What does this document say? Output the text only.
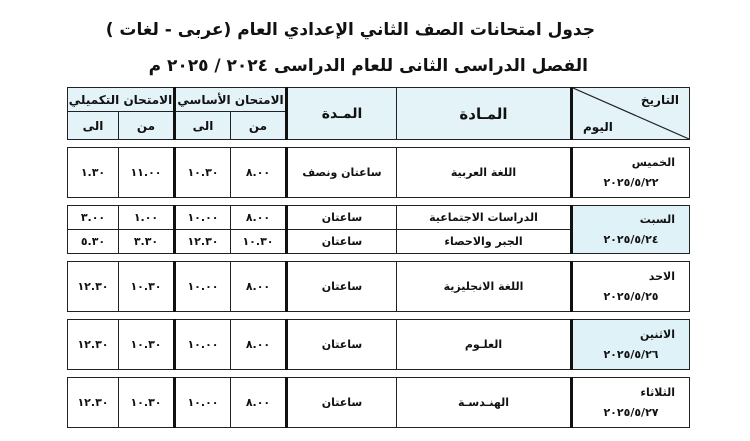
جدول امتحانات الصف الثاني الإعدادي العام (عربى - لغات )
الفصل الدراسى الثانى للعام الدراسى ٢٠٢٤ / ٢٠٢٥ م
التاريخ
اليوم	المـادة	المـدة	الامتحان الأساسي		الامتحان التكميلي	
			من	الى	من	الى

الخميس
٢٠٢٥/٥/٢٢	اللغة العربية	ساعتان ونصف	٨.٠٠	١٠.٣٠	١١.٠٠	١.٣٠

السبت
٢٠٢٥/٥/٢٤	الدراسات الاجتماعية	ساعتان	٨.٠٠	١٠.٠٠	١.٠٠	٣.٠٠
	الجبر والاحصاء	ساعتان	١٠.٣٠	١٢.٣٠	٣.٣٠	٥.٣٠

الاحد
٢٠٢٥/٥/٢٥	اللغة الانجليزية	ساعتان	٨.٠٠	١٠.٠٠	١٠.٣٠	١٢.٣٠

الاثنين
٢٠٢٥/٥/٢٦	العلـوم	ساعتان	٨.٠٠	١٠.٠٠	١٠.٣٠	١٢.٣٠

الثلاثاء
٢٠٢٥/٥/٢٧	الهنـدسـة	ساعتان	٨.٠٠	١٠.٠٠	١٠.٣٠	١٢.٣٠
